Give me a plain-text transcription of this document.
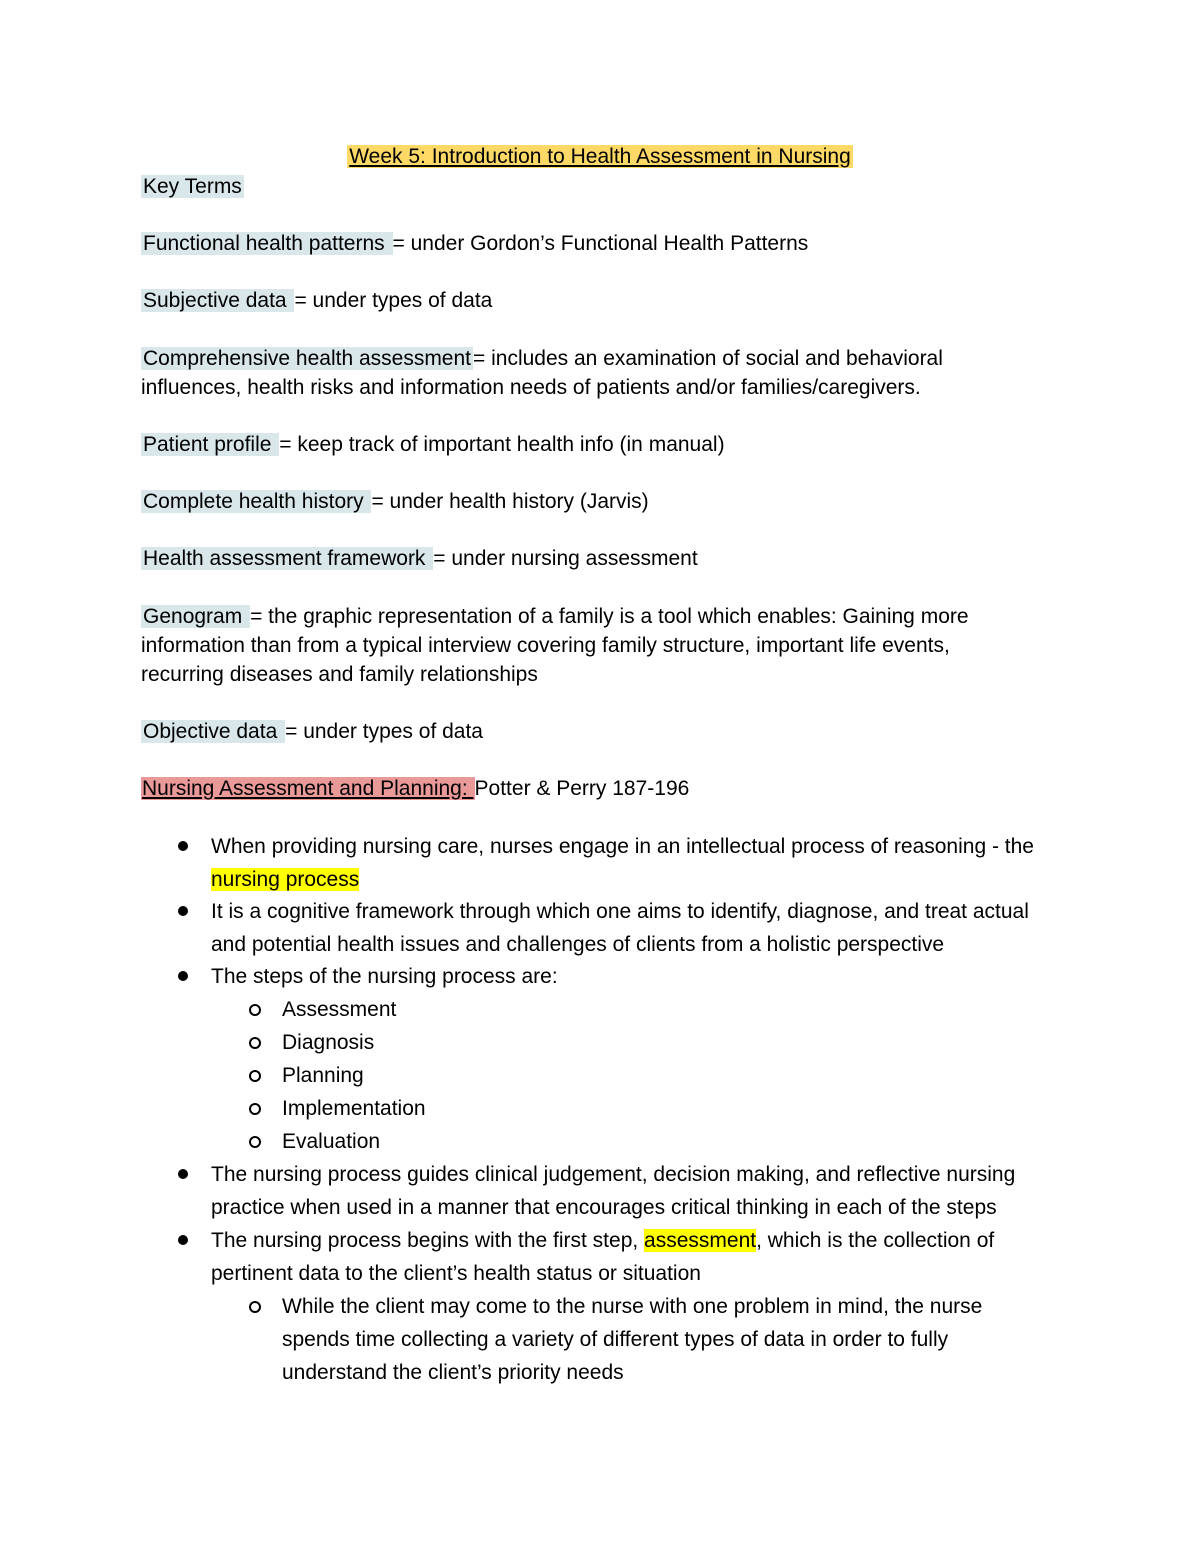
Week 5: Introduction to Health Assessment in Nursing
Key Terms
Functional health patterns = under Gordon’s Functional Health Patterns
Subjective data = under types of data
Comprehensive health assessment= includes an examination of social and behavioral influences, health risks and information needs of patients and/or families/caregivers.
Patient profile = keep track of important health info (in manual)
Complete health history = under health history (Jarvis)
Health assessment framework = under nursing assessment
Genogram = the graphic representation of a family is a tool which enables: Gaining more information than from a typical interview covering family structure, important life events, recurring diseases and family relationships
Objective data = under types of data
Nursing Assessment and Planning: Potter & Perry 187-196
When providing nursing care, nurses engage in an intellectual process of reasoning - the
nursing process
It is a cognitive framework through which one aims to identify, diagnose, and treat actual and potential health issues and challenges of clients from a holistic perspective
The steps of the nursing process are:
Assessment
Diagnosis
Planning
Implementation
Evaluation
The nursing process guides clinical judgement, decision making, and reflective nursing practice when used in a manner that encourages critical thinking in each of the steps
The nursing process begins with the first step, assessment, which is the collection of pertinent data to the client’s health status or situation
While the client may come to the nurse with one problem in mind, the nurse spends time collecting a variety of different types of data in order to fully understand the client’s priority needs
